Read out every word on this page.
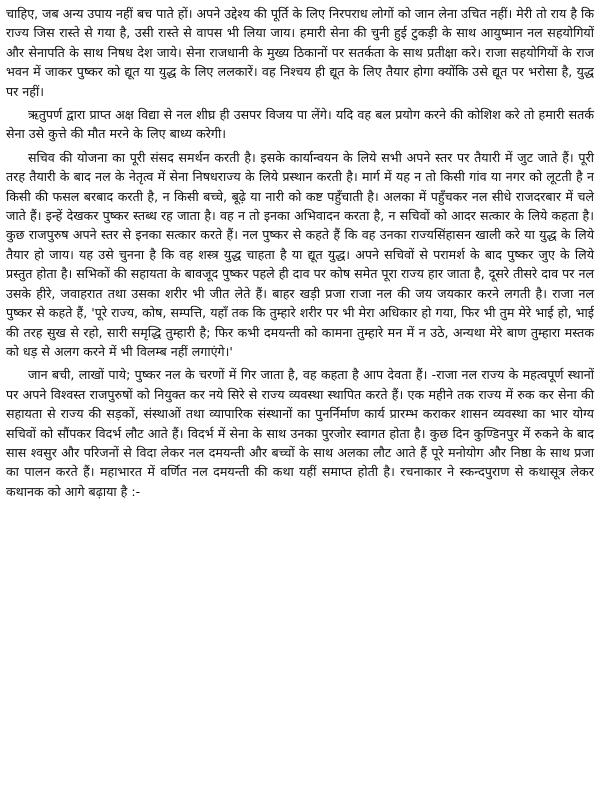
चाहिए, जब अन्य उपाय नहीं बच पाते हों। अपने उद्देश्य की पूर्ति के लिए निरपराध लोगों को जान लेना उचित नहीं। मेरी तो राय है कि राज्य जिस रास्ते से गया है, उसी रास्ते से वापस भी लिया जाय। हमारी सेना की चुनी हुई टुकड़ी के साथ आयुष्मान नल सहयोगियों और सेनापति के साथ निषध देश जाये। सेना राजधानी के मुख्य ठिकानों पर सतर्कता के साथ प्रतीक्षा करे। राजा सहयोगियों के राज भवन में जाकर पुष्कर को द्यूत या युद्ध के लिए ललकारें। वह निश्चय ही द्यूत के लिए तैयार होगा क्योंकि उसे द्यूत पर भरोसा है, युद्ध पर नहीं।

ऋतुपर्ण द्वारा प्राप्त अक्ष विद्या से नल शीघ्र ही उसपर विजय पा लेंगे। यदि वह बल प्रयोग करने की कोशिश करे तो हमारी सतर्क सेना उसे कुत्ते की मौत मरने के लिए बाध्य करेगी।

सचिव की योजना का पूरी संसद समर्थन करती है। इसके कार्यान्वयन के लिये सभी अपने स्तर पर तैयारी में जुट जाते हैं। पूरी तरह तैयारी के बाद नल के नेतृत्व में सेना निषधराज्य के लिये प्रस्थान करती है। मार्ग में यह न तो किसी गांव या नगर को लूटती है न किसी की फसल बरबाद करती है, न किसी बच्चे, बूढ़े या नारी को कष्ट पहुँचाती है। अलका में पहुँचकर नल सीधे राजदरबार में चले जाते हैं। इन्हें देखकर पुष्कर स्तब्ध रह जाता है। वह न तो इनका अभिवादन करता है, न सचिवों को आदर सत्कार के लिये कहता है। कुछ राजपुरुष अपने स्तर से इनका सत्कार करते हैं। नल पुष्कर से कहते हैं कि वह उनका राज्यसिंहासन खाली करे या युद्ध के लिये तैयार हो जाय। यह उसे चुनना है कि वह शस्त्र युद्ध चाहता है या द्यूत युद्ध। अपने सचिवों से परामर्श के बाद पुष्कर जुए के लिये प्रस्तुत होता है। सभिकों की सहायता के बावजूद पुष्कर पहले ही दाव पर कोष समेत पूरा राज्य हार जाता है, दूसरे तीसरे दाव पर नल उसके हीरे, जवाहरात तथा उसका शरीर भी जीत लेते हैं। बाहर खड़ी प्रजा राजा नल की जय जयकार करने लगती है। राजा नल पुष्कर से कहते हैं, 'पूरे राज्य, कोष, सम्पत्ति, यहाँ तक कि तुम्हारे शरीर पर भी मेरा अधिकार हो गया, फिर भी तुम मेरे भाई हो, भाई की तरह सुख से रहो, सारी समृद्धि तुम्हारी है; फिर कभी दमयन्ती को कामना तुम्हारे मन में न उठे, अन्यथा मेरे बाण तुम्हारा मस्तक को धड़ से अलग करने में भी विलम्ब नहीं लगाएंगे।'

जान बची, लाखों पाये; पुष्कर नल के चरणों में गिर जाता है, वह कहता है आप देवता हैं। -राजा नल राज्य के महत्वपूर्ण स्थानों पर अपने विश्वस्त राजपुरुषों को नियुक्त कर नये सिरे से राज्य व्यवस्था स्थापित करते हैं। एक महीने तक राज्य में रुक कर सेना की सहायता से राज्य की सड़कों, संस्थाओं तथा व्यापारिक संस्थानों का पुनर्निर्माण कार्य प्रारम्भ कराकर शासन व्यवस्था का भार योग्य सचिवों को सौंपकर विदर्भ लौट आते हैं। विदर्भ में सेना के साथ उनका पुरजोर स्वागत होता है। कुछ दिन कुण्डिनपुर में रुकने के बाद सास श्वसुर और परिजनों से विदा लेकर नल दमयन्ती और बच्चों के साथ अलका लौट आते हैं पूरे मनोयोग और निष्ठा के साथ प्रजा का पालन करते हैं। महाभारत में वर्णित नल दमयन्ती की कथा यहीं समाप्त होती है। रचनाकार ने स्कन्दपुराण से कथासूत्र लेकर कथानक को आगे बढ़ाया है :-
